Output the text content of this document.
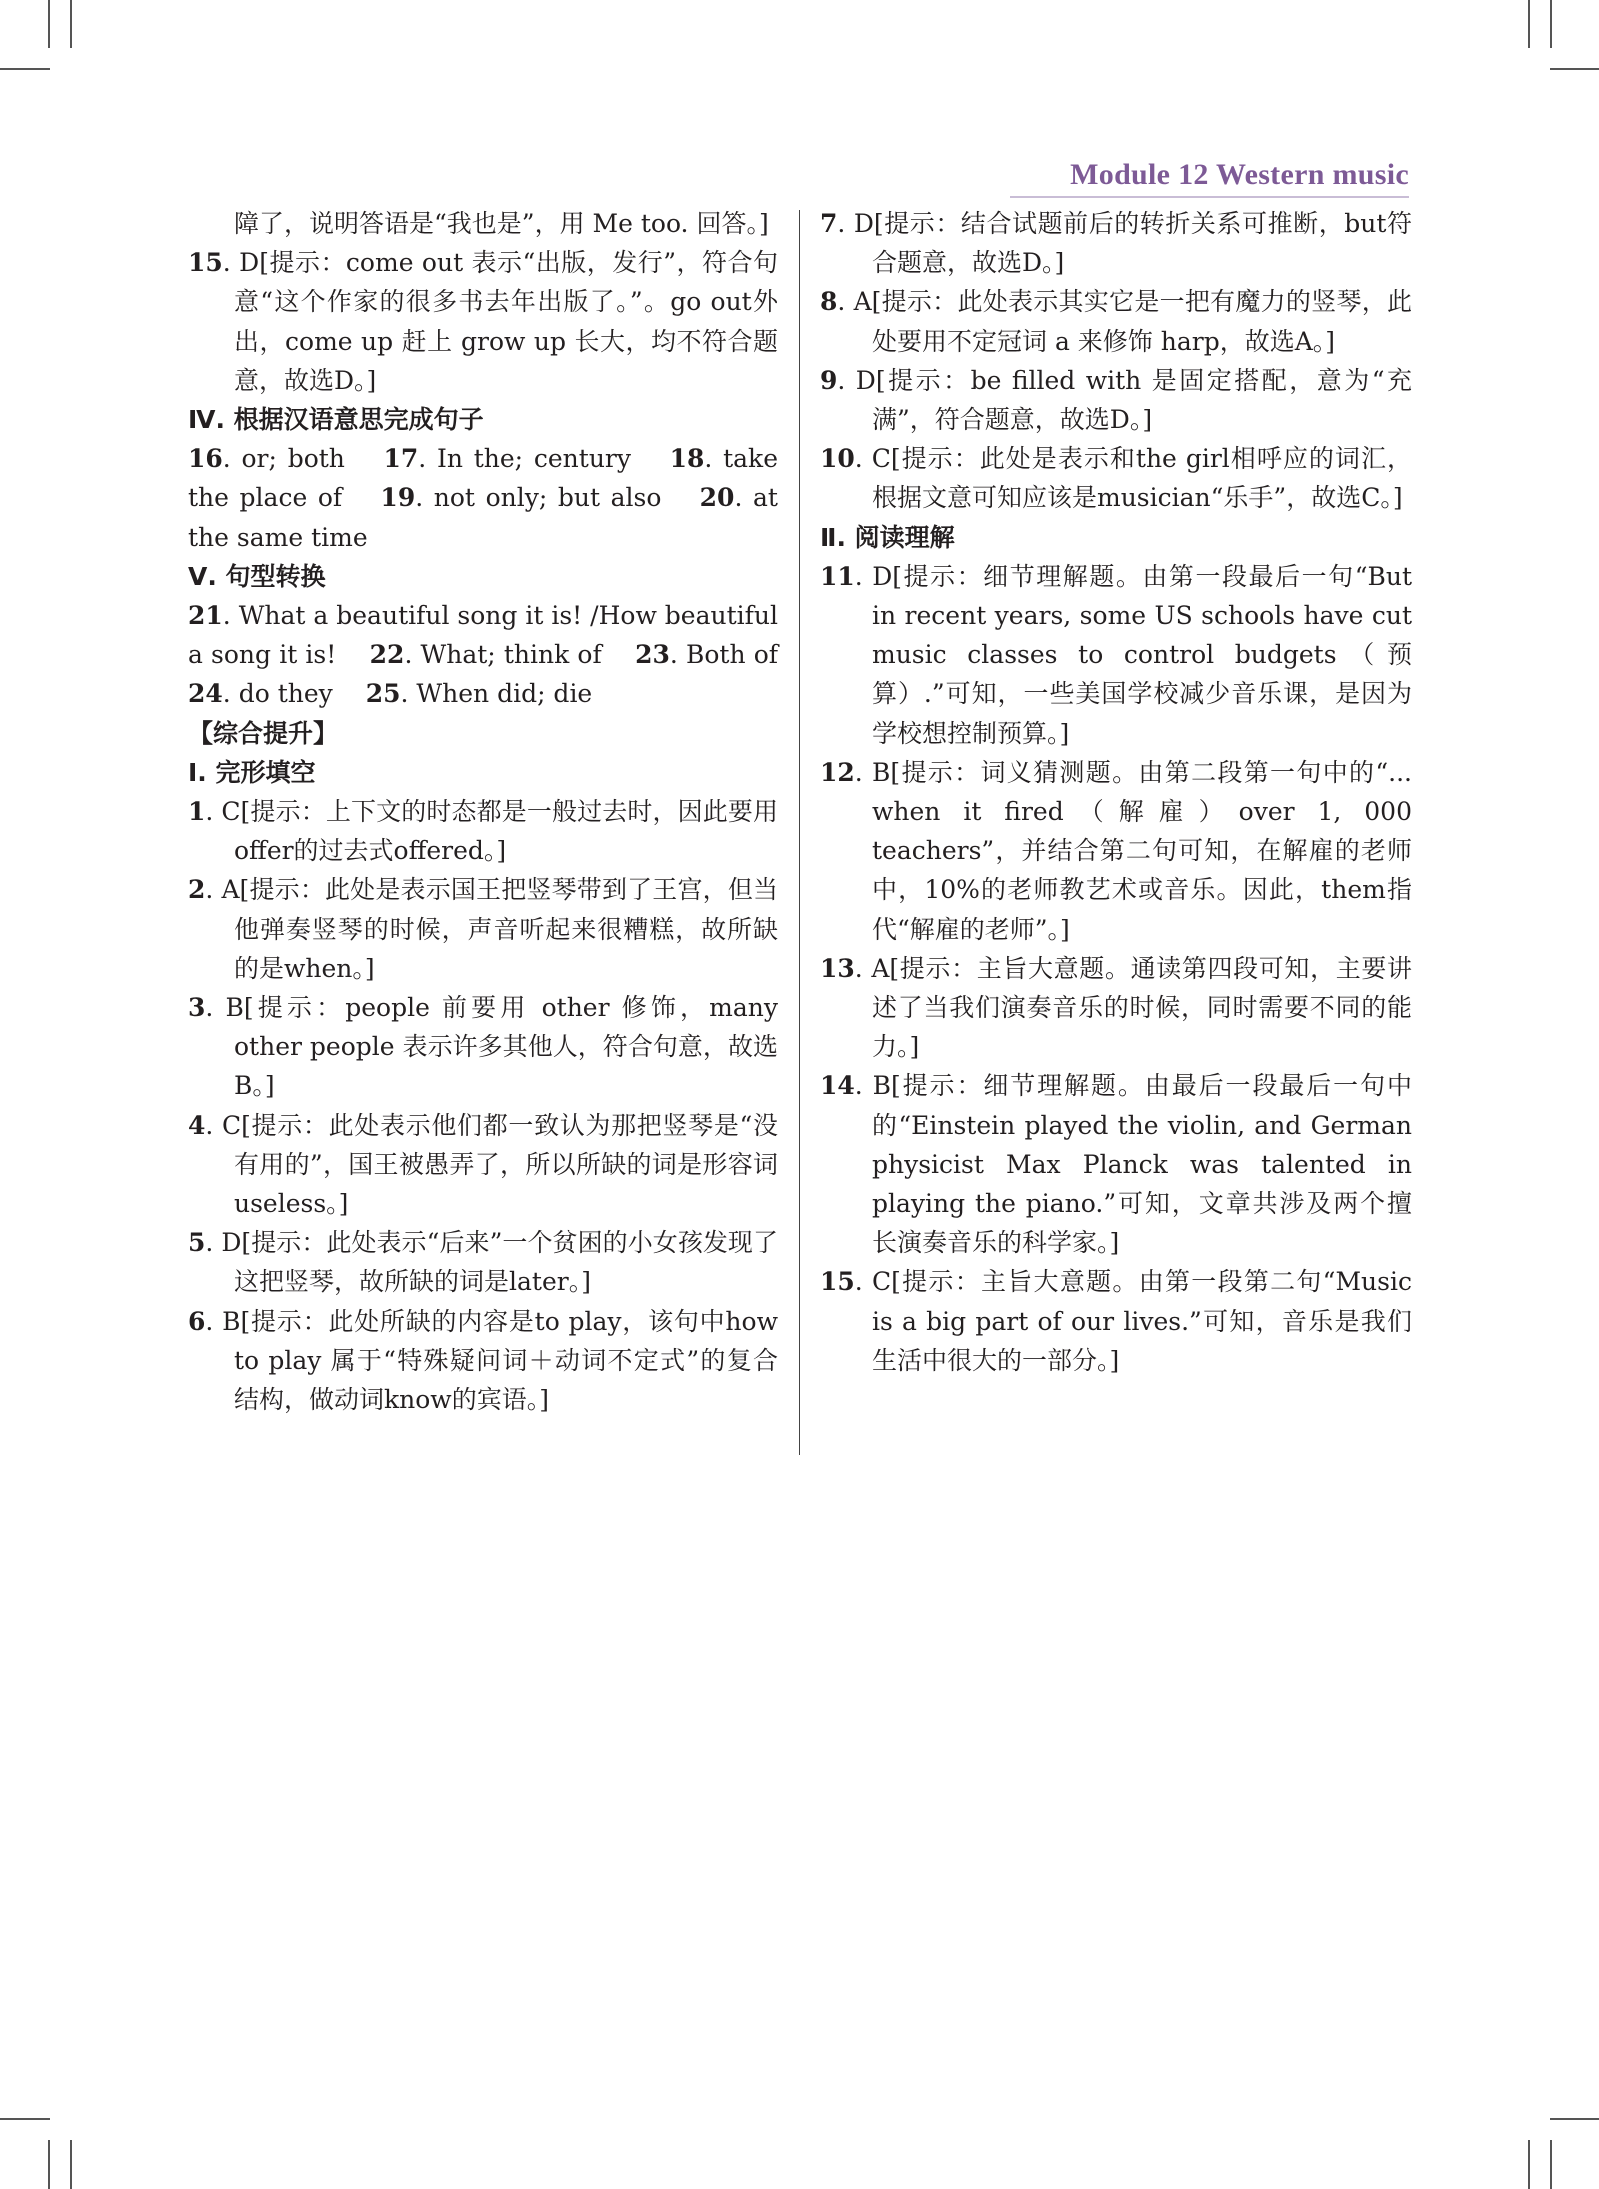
Module 12 Western music
障了，说明答语是“我也是”，用 Me too. 回答。]
15. D[提示：come out 表示“出版，发行”，符合句意“这个作家的很多书去年出版了。”。go out外出，come up 赶上 grow up 长大，均不符合题意，故选D。]
Ⅳ. 根据汉语意思完成句子
16. or; both 　17. In the; century 　18. take the place of 　19. not only; but also 　20. at the same time
Ⅴ. 句型转换
21. What a beautiful song it is! /How beautiful a song it is! 　22. What; think of 　23. Both of 24. do they 　25. When did; die
【综合提升】
Ⅰ. 完形填空
1. C[提示：上下文的时态都是一般过去时，因此要用offer的过去式offered。]
2. A[提示：此处是表示国王把竖琴带到了王宫，但当他弹奏竖琴的时候，声音听起来很糟糕，故所缺的是when。]
3. B[提示：people 前要用 other 修饰，many other people 表示许多其他人，符合句意，故选B。]
4. C[提示：此处表示他们都一致认为那把竖琴是“没有用的”，国王被愚弄了，所以所缺的词是形容词useless。]
5. D[提示：此处表示“后来”一个贫困的小女孩发现了这把竖琴，故所缺的词是later。]
6. B[提示：此处所缺的内容是to play，该句中how to play 属于“特殊疑问词＋动词不定式”的复合结构，做动词know的宾语。]
7. D[提示：结合试题前后的转折关系可推断，but符合题意，故选D。]
8. A[提示：此处表示其实它是一把有魔力的竖琴，此处要用不定冠词 a 来修饰 harp，故选A。]
9. D[提示：be filled with 是固定搭配，意为“充满”，符合题意，故选D。]
10. C[提示：此处是表示和the girl相呼应的词汇，根据文意可知应该是musician“乐手”，故选C。]
Ⅱ. 阅读理解
11. D[提示：细节理解题。由第一段最后一句“But in recent years, some US schools have cut music classes to control budgets（预算）.”可知，一些美国学校减少音乐课，是因为学校想控制预算。]
12. B[提示：词义猜测题。由第二段第一句中的“... when it fired（解雇）over 1, 000 teachers”，并结合第二句可知，在解雇的老师中，10%的老师教艺术或音乐。因此，them指代“解雇的老师”。]
13. A[提示：主旨大意题。通读第四段可知，主要讲述了当我们演奏音乐的时候，同时需要不同的能力。]
14. B[提示：细节理解题。由最后一段最后一句中的“Einstein played the violin, and German physicist Max Planck was talented in playing the piano.”可知，文章共涉及两个擅长演奏音乐的科学家。]
15. C[提示：主旨大意题。由第一段第二句“Music is a big part of our lives.”可知，音乐是我们生活中很大的一部分。]
